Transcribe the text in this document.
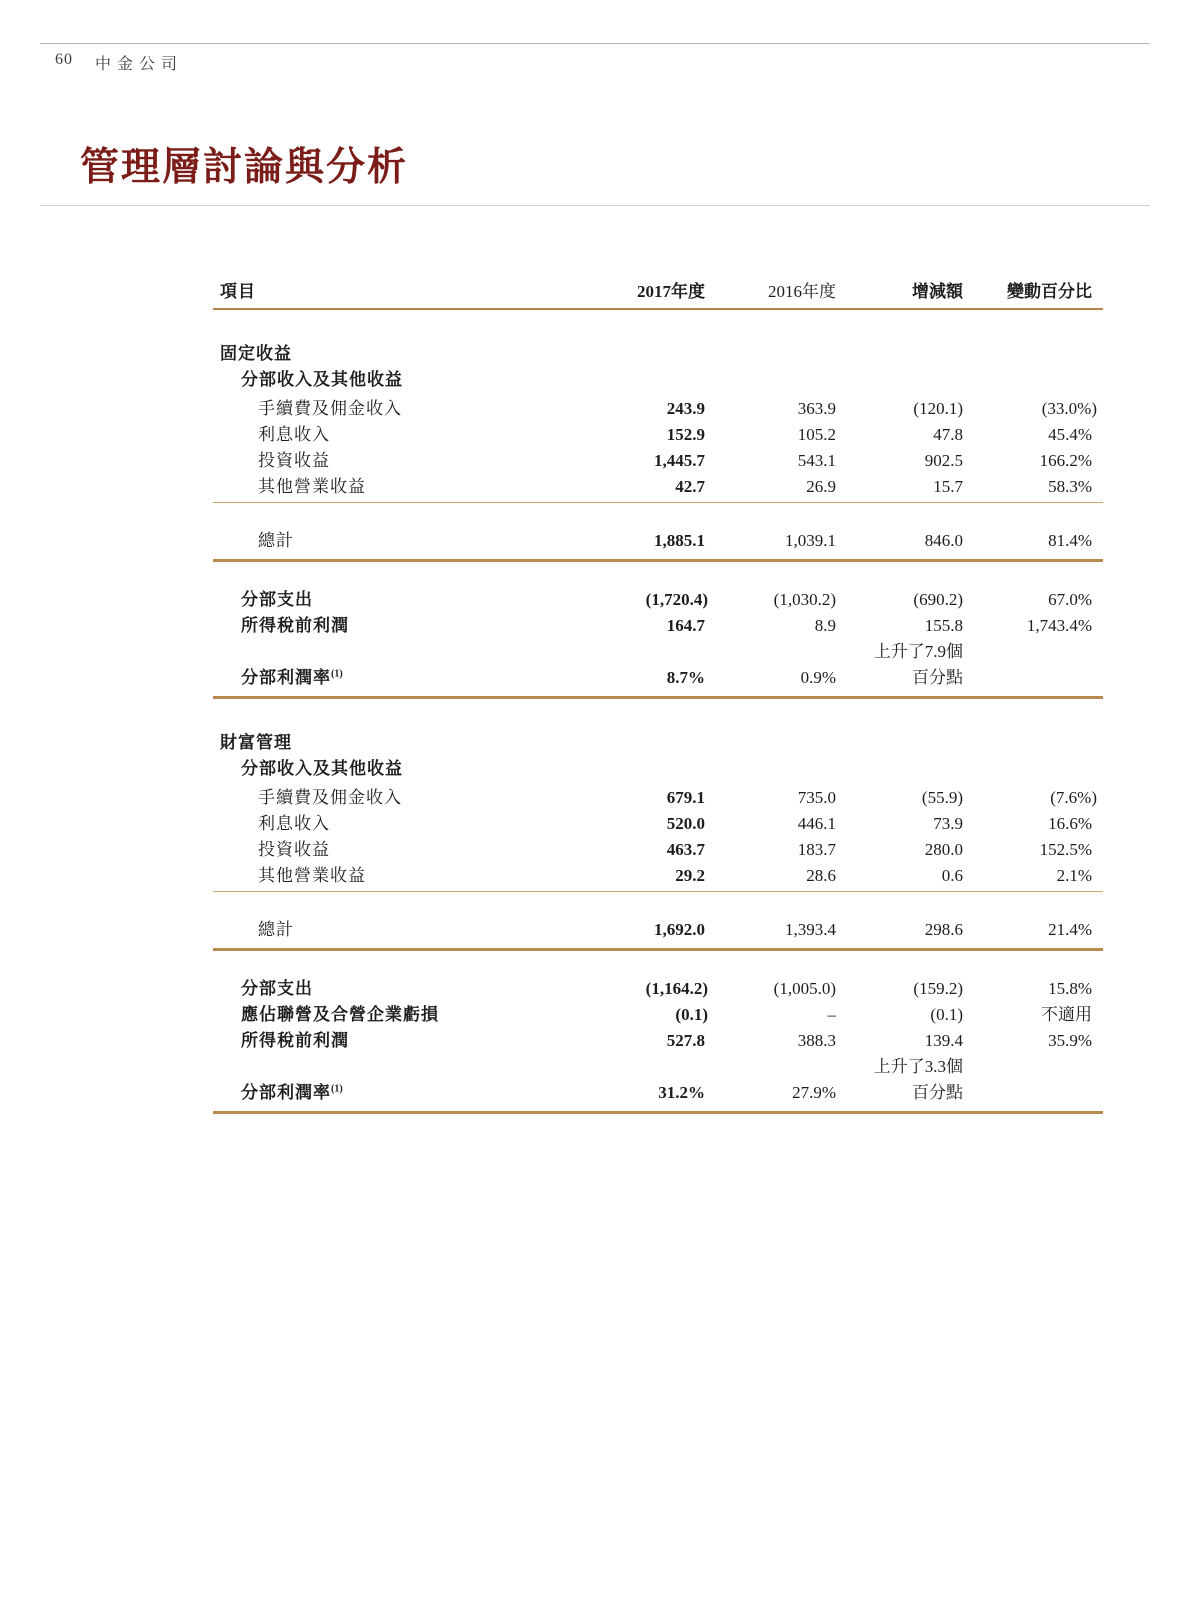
60 中金公司
管理層討論與分析
項目	2017年度	2016年度	增減額	變動百分比
固定收益
分部收入及其他收益
手續費及佣金收入	243.9	363.9	(120.1)	(33.0%)
利息收入	152.9	105.2	47.8	45.4%
投資收益	1,445.7	543.1	902.5	166.2%
其他營業收益	42.7	26.9	15.7	58.3%
總計	1,885.1	1,039.1	846.0	81.4%
分部支出	(1,720.4)	(1,030.2)	(690.2)	67.0%
所得稅前利潤	164.7	8.9	155.8	1,743.4%
上升了7.9個
分部利潤率$^{(1)}$	8.7%	0.9%	百分點
財富管理
分部收入及其他收益
手續費及佣金收入	679.1	735.0	(55.9)	(7.6%)
利息收入	520.0	446.1	73.9	16.6%
投資收益	463.7	183.7	280.0	152.5%
其他營業收益	29.2	28.6	0.6	2.1%
總計	1,692.0	1,393.4	298.6	21.4%
分部支出	(1,164.2)	(1,005.0)	(159.2)	15.8%
應佔聯營及合營企業虧損	(0.1)	–	(0.1)	不適用
所得稅前利潤	527.8	388.3	139.4	35.9%
上升了3.3個
分部利潤率$^{(1)}$	31.2%	27.9%	百分點
